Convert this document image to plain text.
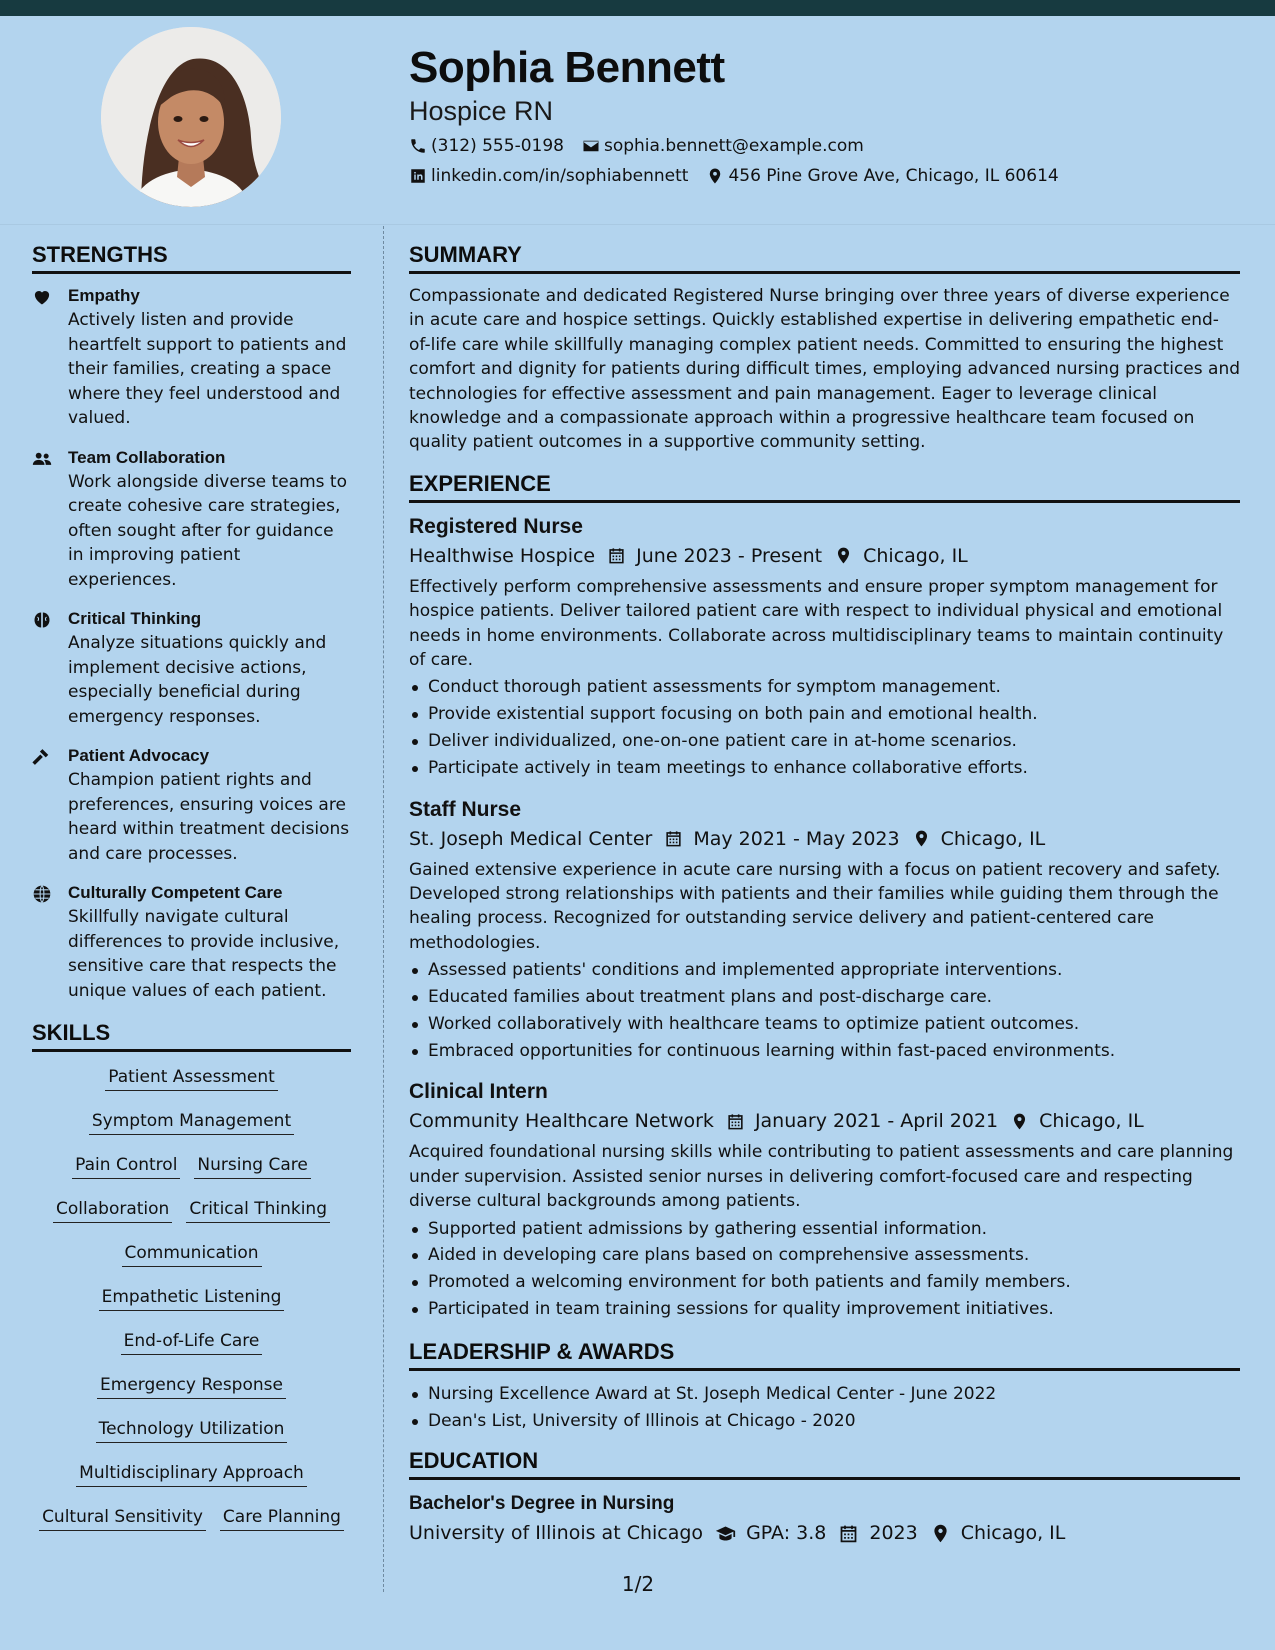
Sophia Bennett
Hospice RN
(312) 555-0198 sophia.bennett@example.com
linkedin.com/in/sophiabennett 456 Pine Grove Ave, Chicago, IL 60614
STRENGTHS
Empathy
Actively listen and provide heartfelt support to patients and their families, creating a space where they feel understood and valued.
Team Collaboration
Work alongside diverse teams to create cohesive care strategies, often sought after for guidance in improving patient experiences.
Critical Thinking
Analyze situations quickly and implement decisive actions, especially beneficial during emergency responses.
Patient Advocacy
Champion patient rights and preferences, ensuring voices are heard within treatment decisions and care processes.
Culturally Competent Care
Skillfully navigate cultural differences to provide inclusive, sensitive care that respects the unique values of each patient.
SKILLS
Patient Assessment
Symptom Management
Pain Control Nursing Care
Collaboration Critical Thinking
Communication
Empathetic Listening
End-of-Life Care
Emergency Response
Technology Utilization
Multidisciplinary Approach
Cultural Sensitivity Care Planning
SUMMARY
Compassionate and dedicated Registered Nurse bringing over three years of diverse experience in acute care and hospice settings. Quickly established expertise in delivering empathetic end-of-life care while skillfully managing complex patient needs. Committed to ensuring the highest comfort and dignity for patients during difficult times, employing advanced nursing practices and technologies for effective assessment and pain management. Eager to leverage clinical knowledge and a compassionate approach within a progressive healthcare team focused on quality patient outcomes in a supportive community setting.
EXPERIENCE
Registered Nurse
Healthwise Hospice June 2023 - Present Chicago, IL
Effectively perform comprehensive assessments and ensure proper symptom management for hospice patients. Deliver tailored patient care with respect to individual physical and emotional needs in home environments. Collaborate across multidisciplinary teams to maintain continuity of care.
Conduct thorough patient assessments for symptom management.
Provide existential support focusing on both pain and emotional health.
Deliver individualized, one-on-one patient care in at-home scenarios.
Participate actively in team meetings to enhance collaborative efforts.
Staff Nurse
St. Joseph Medical Center May 2021 - May 2023 Chicago, IL
Gained extensive experience in acute care nursing with a focus on patient recovery and safety. Developed strong relationships with patients and their families while guiding them through the healing process. Recognized for outstanding service delivery and patient-centered care methodologies.
Assessed patients' conditions and implemented appropriate interventions.
Educated families about treatment plans and post-discharge care.
Worked collaboratively with healthcare teams to optimize patient outcomes.
Embraced opportunities for continuous learning within fast-paced environments.
Clinical Intern
Community Healthcare Network January 2021 - April 2021 Chicago, IL
Acquired foundational nursing skills while contributing to patient assessments and care planning under supervision. Assisted senior nurses in delivering comfort-focused care and respecting diverse cultural backgrounds among patients.
Supported patient admissions by gathering essential information.
Aided in developing care plans based on comprehensive assessments.
Promoted a welcoming environment for both patients and family members.
Participated in team training sessions for quality improvement initiatives.
LEADERSHIP & AWARDS
Nursing Excellence Award at St. Joseph Medical Center - June 2022
Dean's List, University of Illinois at Chicago - 2020
EDUCATION
Bachelor's Degree in Nursing
University of Illinois at Chicago GPA: 3.8 2023 Chicago, IL
1/2
